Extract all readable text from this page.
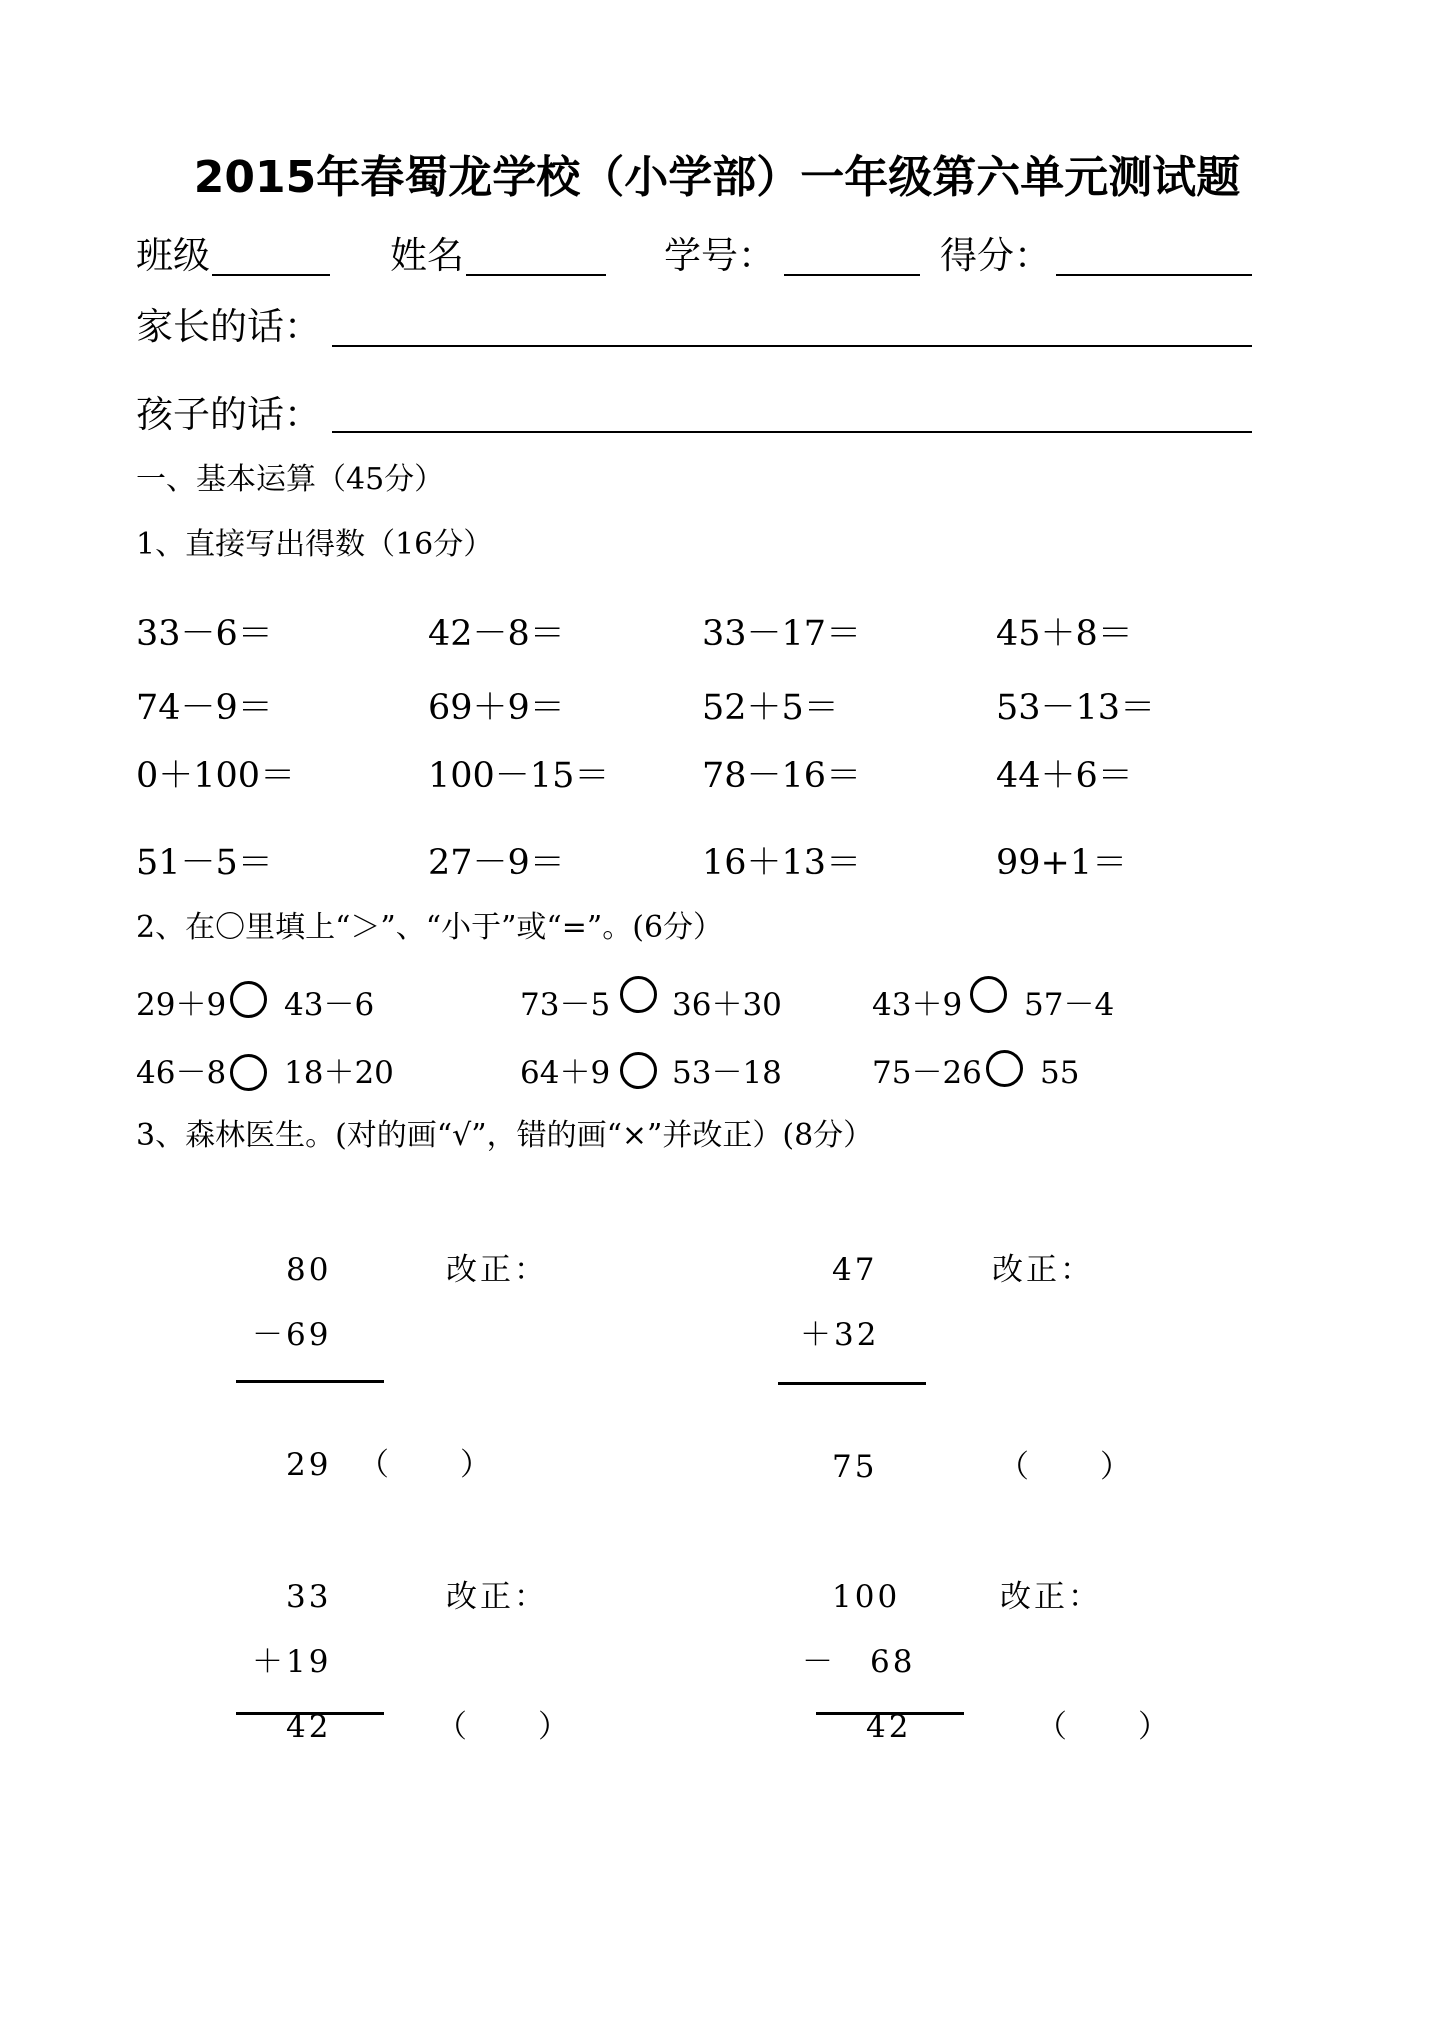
2015年春蜀龙学校（小学部）一年级第六单元测试题
班级	姓名	学号：	得分：
家长的话：
孩子的话：
一、基本运算（45分）
1、直接写出得数（16分）
33－6＝	42－8＝	33－17＝	45＋8＝
74－9＝	69＋9＝	52＋5＝	53－13＝
0＋100＝	100－15＝	78－16＝	44＋6＝
51－5＝	27－9＝	16＋13＝	99+1＝
2、在〇里填上“＞”、“小于”或“=”。(6分）
29＋9 43－6	73－5 36＋30	43＋9 57－4
46－8 18＋20	64＋9 53－18	75－26 55
3、森林医生。(对的画“√”，错的画“×”并改正）(8分）
80
－69
29 （　　）
改正：	47
＋32
75	（　　）
改正：
33
＋19
42	（　　）
改正：	100
－　68
42	（　　）
改正：
